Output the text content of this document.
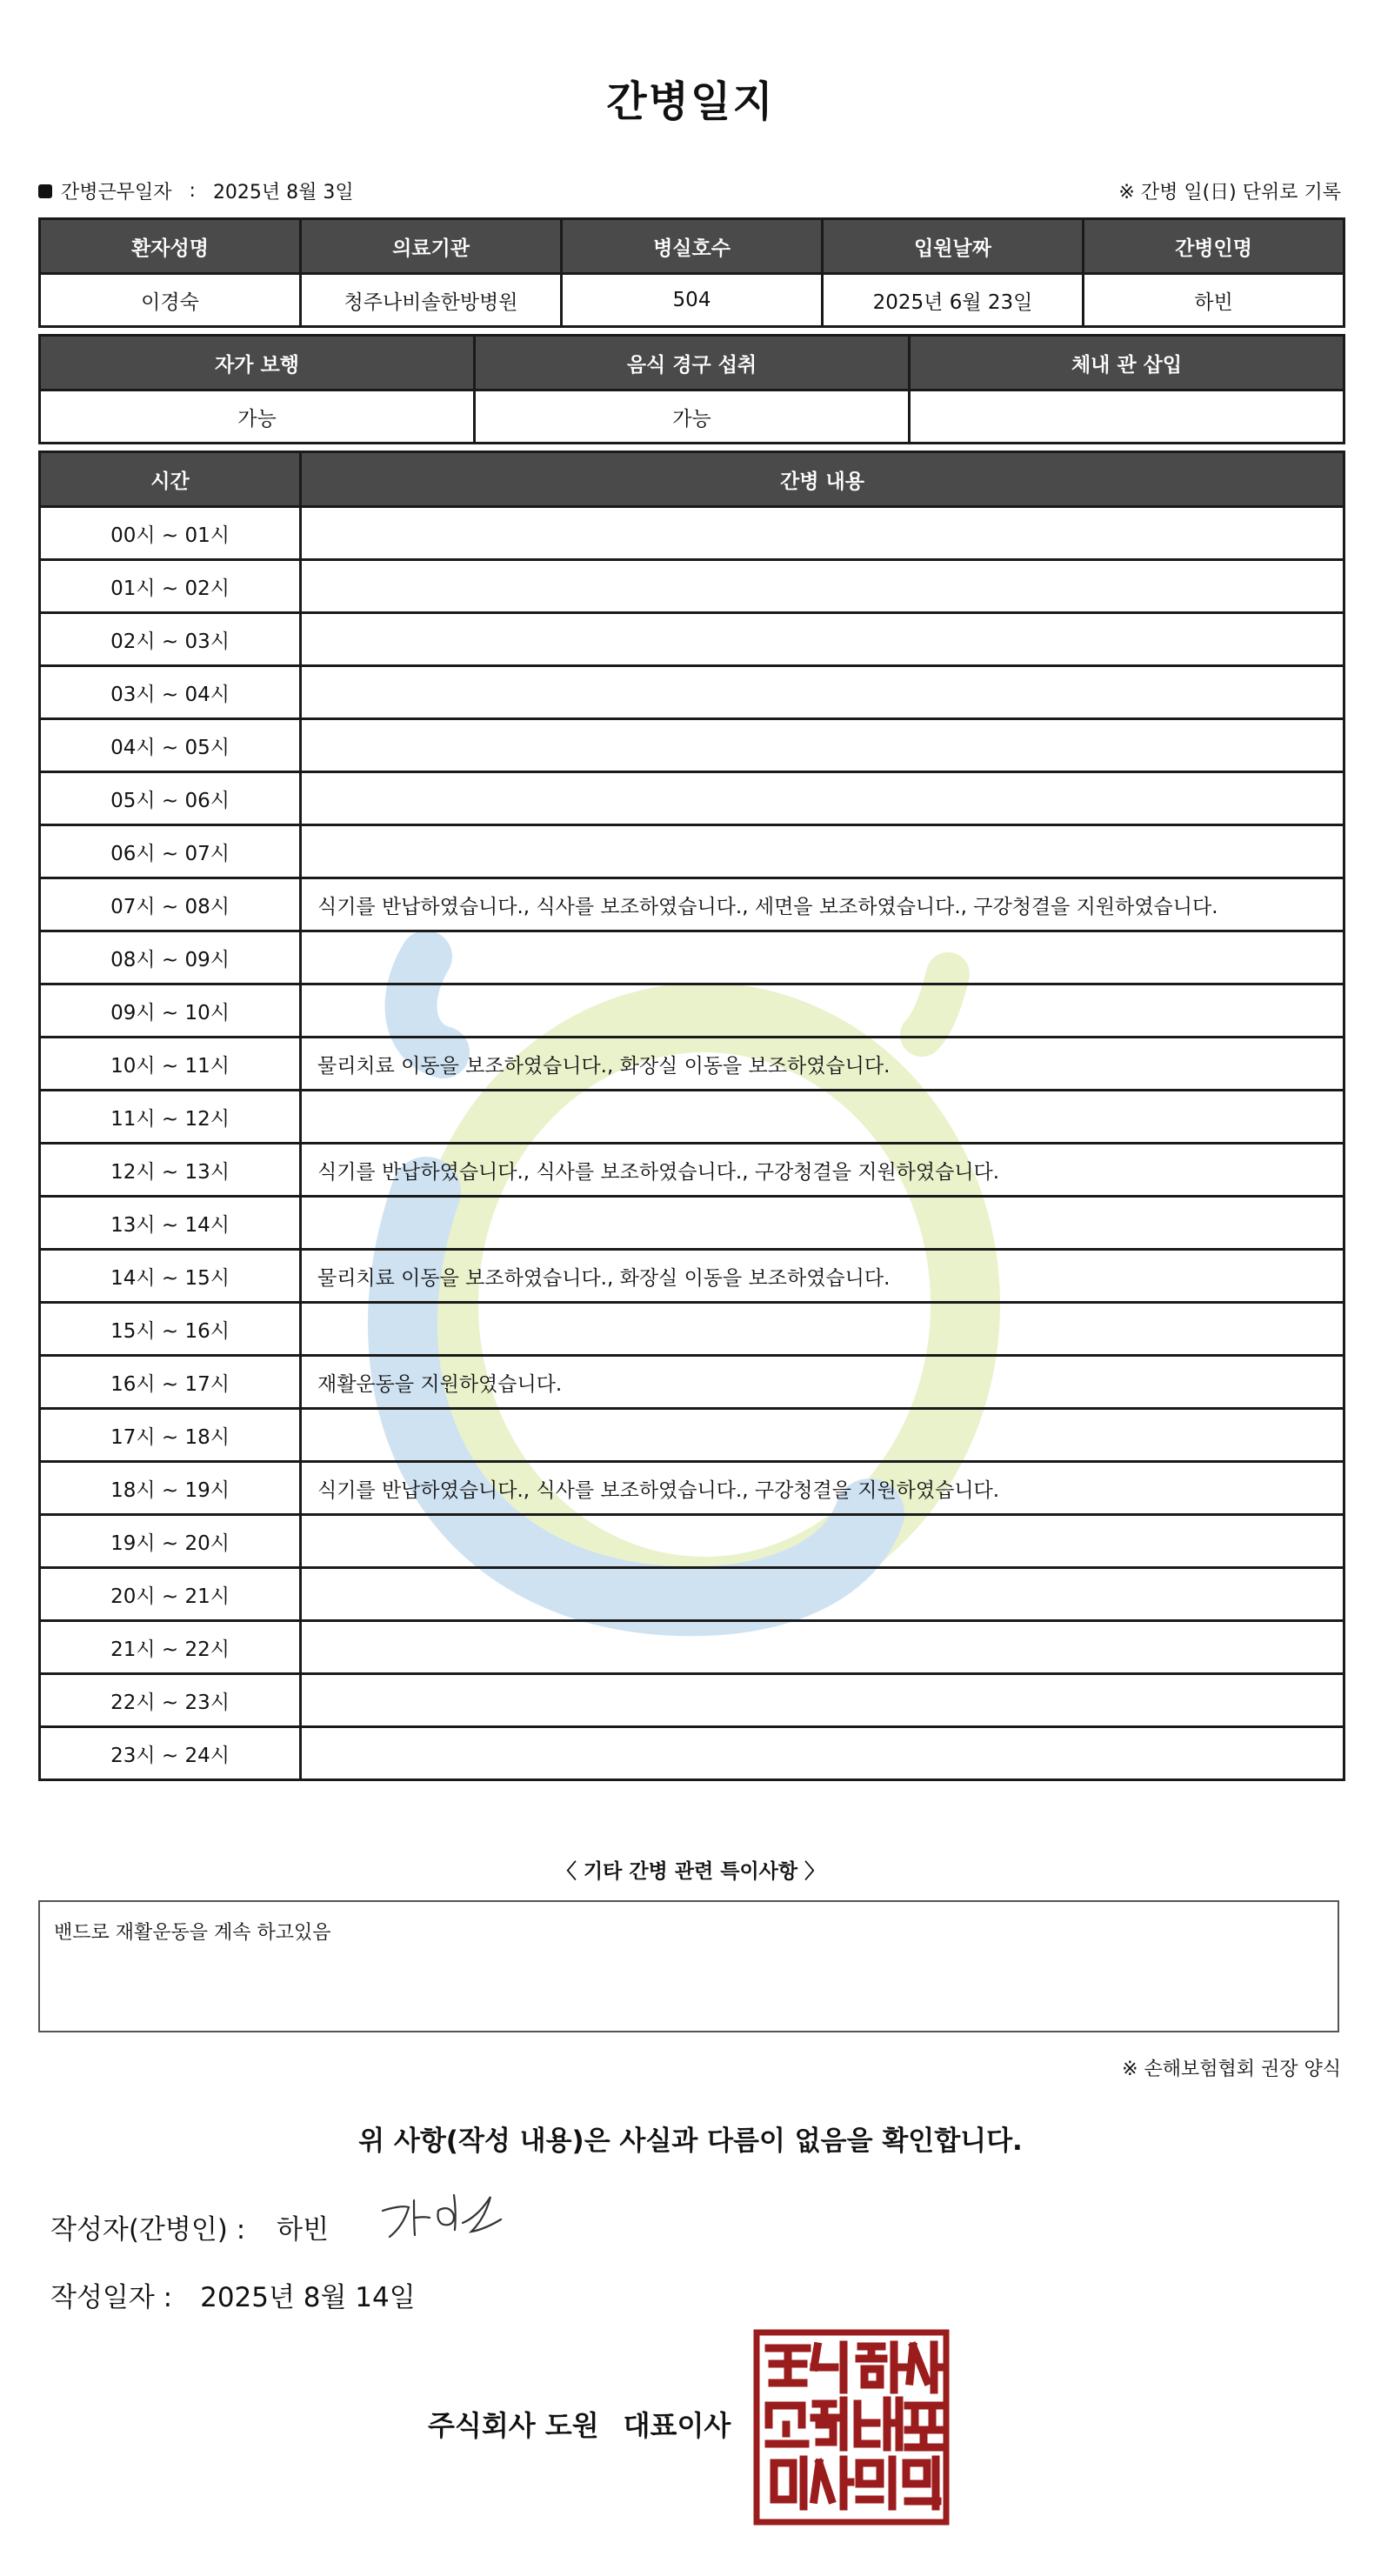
간병일지
간병근무일자 : 2025년 8월 3일	※ 간병 일(日) 단위로 기록
환자성명	의료기관	병실호수	입원날짜	간병인명
이경숙	청주나비솔한방병원	504	2025년 6월 23일	하빈
자가 보행	음식 경구 섭취	체내 관 삽입
가능	가능	
시간	간병 내용
00시 ~ 01시	
01시 ~ 02시	
02시 ~ 03시	
03시 ~ 04시	
04시 ~ 05시	
05시 ~ 06시	
06시 ~ 07시	
07시 ~ 08시	식기를 반납하였습니다., 식사를 보조하였습니다., 세면을 보조하였습니다., 구강청결을 지원하였습니다.
08시 ~ 09시	
09시 ~ 10시	
10시 ~ 11시	물리치료 이동을 보조하였습니다., 화장실 이동을 보조하였습니다.
11시 ~ 12시	
12시 ~ 13시	식기를 반납하였습니다., 식사를 보조하였습니다., 구강청결을 지원하였습니다.
13시 ~ 14시	
14시 ~ 15시	물리치료 이동을 보조하였습니다., 화장실 이동을 보조하였습니다.
15시 ~ 16시	
16시 ~ 17시	재활운동을 지원하였습니다.
17시 ~ 18시	
18시 ~ 19시	식기를 반납하였습니다., 식사를 보조하였습니다., 구강청결을 지원하였습니다.
19시 ~ 20시	
20시 ~ 21시	
21시 ~ 22시	
22시 ~ 23시	
23시 ~ 24시	
〈 기타 간병 관련 특이사항 〉
밴드로 재활운동을 계속 하고있음
※ 손해보험협회 권장 양식
위 사항(작성 내용)은 사실과 다름이 없음을 확인합니다.
작성자(간병인) : 하빈
작성일자 : 2025년 8월 14일
주식회사 도원 대표이사
